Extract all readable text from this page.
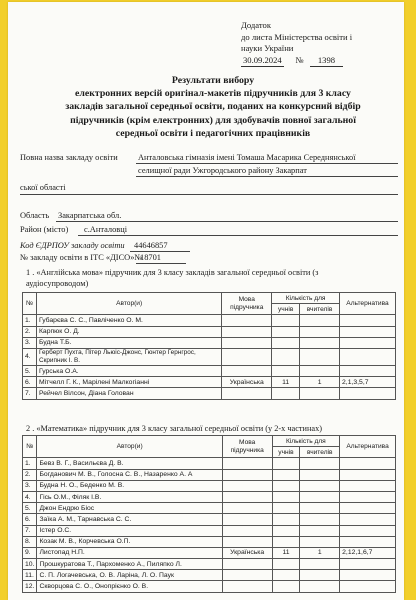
Додаток
до листа Міністерства освіти і
науки України
30.09.2024 №	1398
Результати вибору
електронних версій оригінал-макетів підручників для 3 класу
закладів загальної середньої освіти, поданих на конкурсний відбір
підручників (крім електронних) для здобувачів повної загальної
середньої освіти і педагогічних працівників
Повна назва закладу освіти Анталовська гімназія імені Томаша Масарика Середнянської
селищної ради Ужгородського району Закарпат
ської області
Область Закарпатська обл.
Район (місто) с.Анталовці
Код ЄДРПОУ закладу освіти 44646857
№ закладу освіти в ІТС «ДІСО»№
18701
1 . «Англійська мова» підручник для 3 класу закладів загальної середньої освіти (з
аудіосупроводом)
№	Автор(и)	Мова підручника	Кількість для		Альтернатива
			учнів	вчителів	
1.	Губарєва С. С., Павліченко О. М.				
2.	Карпюк О. Д.				
3.	Будна Т.Б.				
4.	Герберт Пухта, Пітер Льюіс-Джонс, Гюнтер Гернгрос, Скрипник І. В.				
5.	Гурська О.А.				
6.	Мітчелл Г. К., Марілені Малкогіанні	Українська	11	1	2,1,3,5,7
7.	Рейчел Вілсон, Діана Голован				
2 . «Математика» підручник для 3 класу загальної середньої освіти (у 2-х частинах)
№	Автор(и)	Мова підручника	Кількість для		Альтернатива
			учнів	вчителів	
1.	Бевз В. Г., Васильєва Д. В.				
2.	Богданович М. В., Голосна С. В., Назаренко А. А				
3.	Будна Н. О., Беденко М. В.				
4.	Гісь О.М., Філяк І.В.				
5.	Джон Ендрю Біос				
6.	Заїка А. М., Тарнавська С. С.				
7.	Істер О.С.				
8.	Козак М. В., Корчевська О.П.				
9.	Листопад Н.П.	Українська	11	1	2,12,1,6,7
10.	Прошкуратова Т., Пархоменко А., Пиляпко Л.				
11.	С. П. Логачевська, О. В. Ларіна, Л. О. Паук				
12.	Скворцова С. О., Онопрієнко О. В.				
